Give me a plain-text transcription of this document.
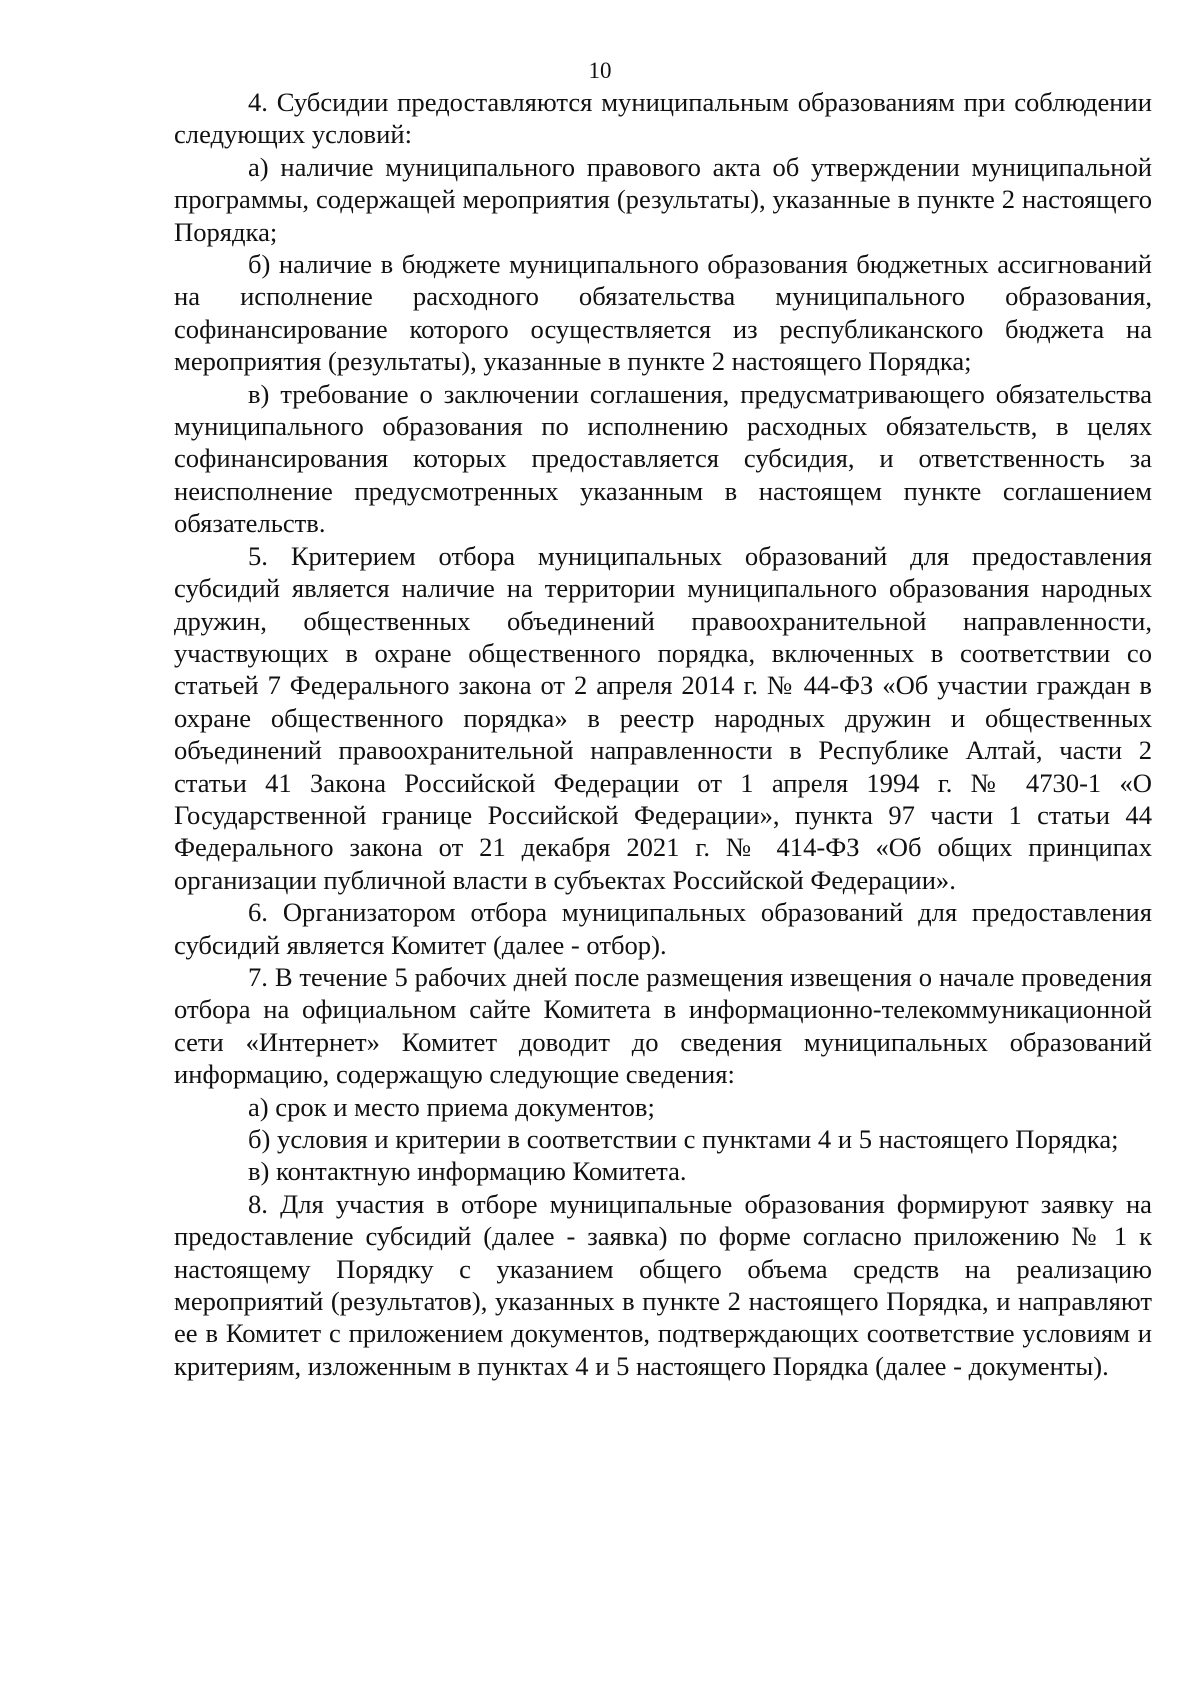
10

4. Субсидии предоставляются муниципальным образованиям при соблюдении следующих условий:

а) наличие муниципального правового акта об утверждении муниципальной программы, содержащей мероприятия (результаты), указанные в пункте 2 настоящего Порядка;

б) наличие в бюджете муниципального образования бюджетных ассигнований на исполнение расходного обязательства муниципального образования, софинансирование которого осуществляется из республиканского бюджета на мероприятия (результаты), указанные в пункте 2 настоящего Порядка;

в) требование о заключении соглашения, предусматривающего обязательства муниципального образования по исполнению расходных обязательств, в целях софинансирования которых предоставляется субсидия, и ответственность за неисполнение предусмотренных указанным в настоящем пункте соглашением обязательств.

5. Критерием отбора муниципальных образований для предоставления субсидий является наличие на территории муниципального образования народных дружин, общественных объединений правоохранительной направленности, участвующих в охране общественного порядка, включенных в соответствии со статьей 7 Федерального закона от 2 апреля 2014 г. № 44-ФЗ «Об участии граждан в охране общественного порядка» в реестр народных дружин и общественных объединений правоохранительной направленности в Республике Алтай, части 2 статьи 41 Закона Российской Федерации от 1 апреля 1994 г. № 4730-1 «О Государственной границе Российской Федерации», пункта 97 части 1 статьи 44 Федерального закона от 21 декабря 2021 г. № 414-ФЗ «Об общих принципах организации публичной власти в субъектах Российской Федерации».

6. Организатором отбора муниципальных образований для предоставления субсидий является Комитет (далее - отбор).

7. В течение 5 рабочих дней после размещения извещения о начале проведения отбора на официальном сайте Комитета в информационно-телекоммуникационной сети «Интернет» Комитет доводит до сведения муниципальных образований информацию, содержащую следующие сведения:

а) срок и место приема документов;

б) условия и критерии в соответствии с пунктами 4 и 5 настоящего Порядка;

в) контактную информацию Комитета.

8. Для участия в отборе муниципальные образования формируют заявку на предоставление субсидий (далее - заявка) по форме согласно приложению № 1 к настоящему Порядку с указанием общего объема средств на реализацию мероприятий (результатов), указанных в пункте 2 настоящего Порядка, и направляют ее в Комитет с приложением документов, подтверждающих соответствие условиям и критериям, изложенным в пунктах 4 и 5 настоящего Порядка (далее - документы).
